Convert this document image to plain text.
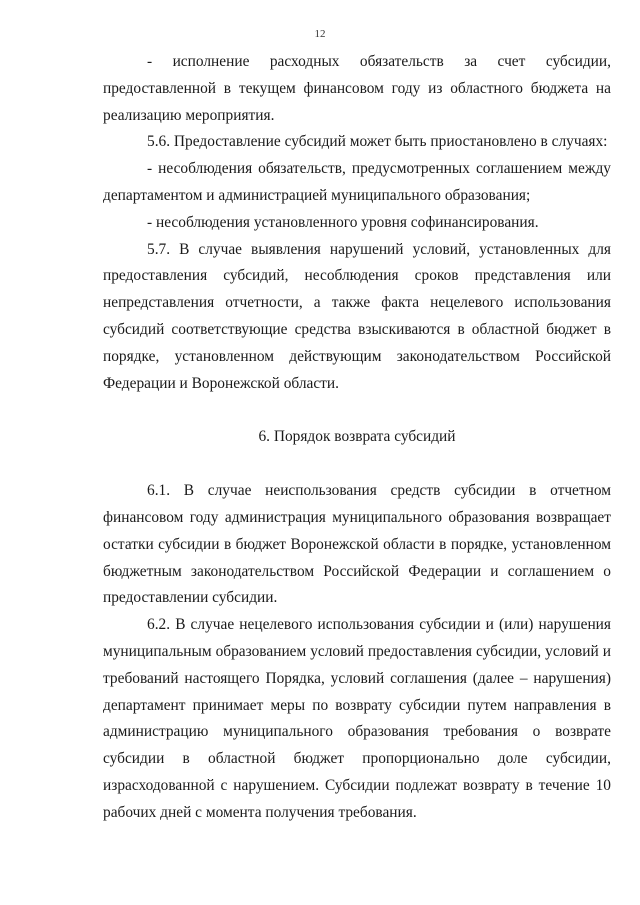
12

- исполнение расходных обязательств за счет субсидии, предоставленной в текущем финансовом году из областного бюджета на реализацию мероприятия.

5.6. Предоставление субсидий может быть приостановлено в случаях:

- несоблюдения обязательств, предусмотренных соглашением между департаментом и администрацией муниципального образования;

- несоблюдения установленного уровня софинансирования.

5.7. В случае выявления нарушений условий, установленных для предоставления субсидий, несоблюдения сроков представления или непредставления отчетности, а также факта нецелевого использования субсидий соответствующие средства взыскиваются в областной бюджет в порядке, установленном действующим законодательством Российской Федерации и Воронежской области.

6. Порядок возврата субсидий

6.1. В случае неиспользования средств субсидии в отчетном финансовом году администрация муниципального образования возвращает остатки субсидии в бюджет Воронежской области в порядке, установленном бюджетным законодательством Российской Федерации и соглашением о предоставлении субсидии.

6.2. В случае нецелевого использования субсидии и (или) нарушения муниципальным образованием условий предоставления субсидии, условий и требований настоящего Порядка, условий соглашения (далее – нарушения) департамент принимает меры по возврату субсидии путем направления в администрацию муниципального образования требования о возврате субсидии в областной бюджет пропорционально доле субсидии, израсходованной с нарушением. Субсидии подлежат возврату в течение 10 рабочих дней с момента получения требования.
